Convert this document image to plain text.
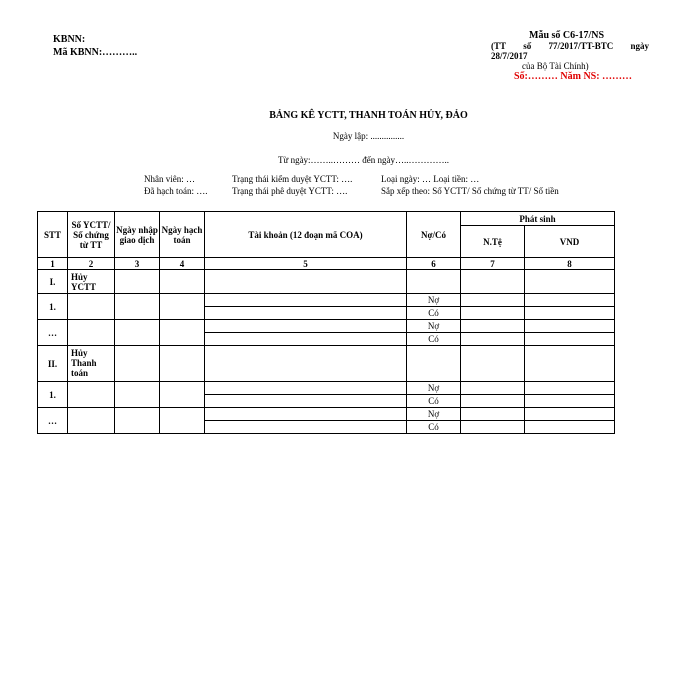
KBNN:
Mã KBNN:………..
Mẫu số C6-17/NS
(TT số 77/2017/TT-BTC ngày
28/7/2017
của Bộ Tài Chính)
Số:……… Năm NS: ………
BẢNG KÊ YCTT, THANH TOÁN HỦY, ĐẢO
Ngày lập: ...............
Từ ngày:……..……… đến ngày…..…………..
Nhân viên: …	Trạng thái kiểm duyệt YCTT: ….	Loại ngày: … Loại tiền: …
Đã hạch toán: ….	Trạng thái phê duyệt YCTT: ….	Sắp xếp theo: Số YCTT/ Số chứng từ TT/ Số tiền
STT	Số YCTT/ Số chứng từ TT	Ngày nhập giao dịch	Ngày hạch toán	Tài khoản (12 đoạn mã COA)	Nợ/Có	Phát sinh	
						N.Tệ	VND
1	2	3	4	5	6	7	8
I.	Hủy YCTT						
1.					Nợ		
					Có		
…					Nợ		
					Có		
II.	Hủy Thanh toán						
1.					Nợ		
					Có		
…					Nợ		
					Có		
